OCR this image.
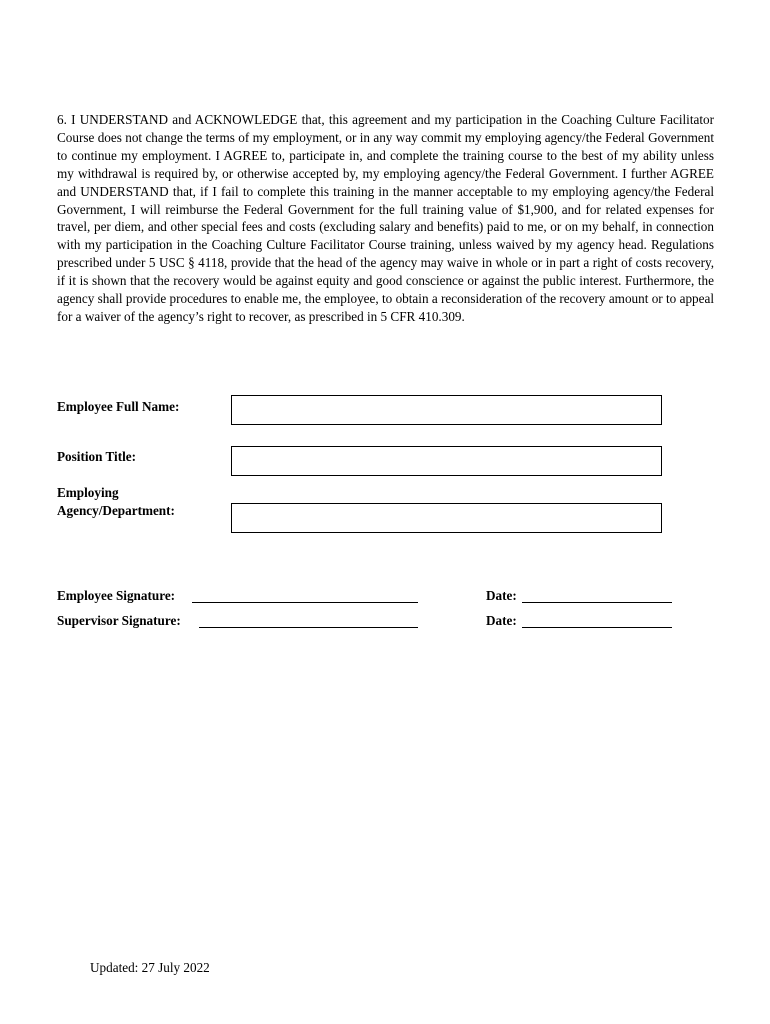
6. I UNDERSTAND and ACKNOWLEDGE that, this agreement and my participation in the Coaching Culture Facilitator Course does not change the terms of my employment, or in any way commit my employing agency/the Federal Government to continue my employment. I AGREE to, participate in, and complete the training course to the best of my ability unless my withdrawal is required by, or otherwise accepted by, my employing agency/the Federal Government. I further AGREE and UNDERSTAND that, if I fail to complete this training in the manner acceptable to my employing agency/the Federal Government, I will reimburse the Federal Government for the full training value of $1,900, and for related expenses for travel, per diem, and other special fees and costs (excluding salary and benefits) paid to me, or on my behalf, in connection with my participation in the Coaching Culture Facilitator Course training, unless waived by my agency head. Regulations prescribed under 5 USC § 4118, provide that the head of the agency may waive in whole or in part a right of costs recovery, if it is shown that the recovery would be against equity and good conscience or against the public interest. Furthermore, the agency shall provide procedures to enable me, the employee, to obtain a reconsideration of the recovery amount or to appeal for a waiver of the agency’s right to recover, as prescribed in 5 CFR 410.309.

Employee Full Name:
Position Title:
Employing
Agency/Department:
Employee Signature:	Date:
Supervisor Signature:	Date:
Updated: 27 July 2022
